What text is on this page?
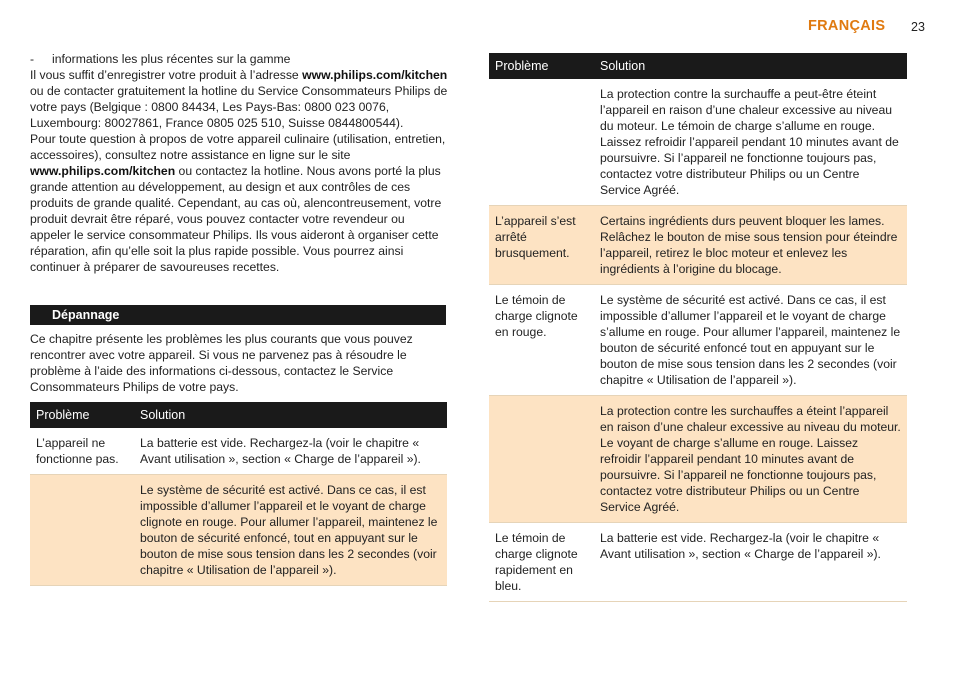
FRANÇAIS 23

- informations les plus récentes sur la gamme

Il vous suffit d’enregistrer votre produit à l’adresse www.philips.com/kitchen ou de contacter gratuitement la hotline du Service Consommateurs Philips de votre pays (Belgique : 0800 84434, Les Pays-Bas: 0800 023 0076, Luxembourg: 80027861, France 0805 025 510, Suisse 0844800544).

Pour toute question à propos de votre appareil culinaire (utilisation, entretien, accessoires), consultez notre assistance en ligne sur le site www.philips.com/kitchen ou contactez la hotline. Nous avons porté la plus grande attention au développement, au design et aux contrôles de ces produits de grande qualité. Cependant, au cas où, alencontreusement, votre produit devrait être réparé, vous pouvez contacter votre revendeur ou appeler le service consommateur Philips. Ils vous aideront à organiser cette réparation, afin qu’elle soit la plus rapide possible. Vous pourrez ainsi continuer à préparer de savoureuses recettes.

Dépannage

Ce chapitre présente les problèmes les plus courants que vous pouvez rencontrer avec votre appareil. Si vous ne parvenez pas à résoudre le problème à l’aide des informations ci-dessous, contactez le Service Consommateurs Philips de votre pays.

Problème	Solution
L’appareil ne fonctionne pas.	La batterie est vide. Rechargez-la (voir le chapitre « Avant utilisation », section « Charge de l’appareil »).
	Le système de sécurité est activé. Dans ce cas, il est impossible d’allumer l’appareil et le voyant de charge clignote en rouge. Pour allumer l’appareil, maintenez le bouton de sécurité enfoncé, tout en appuyant sur le bouton de mise sous tension dans les 2 secondes (voir chapitre « Utilisation de l’appareil »).
Problème	Solution
	La protection contre la surchauffe a peut-être éteint l’appareil en raison d’une chaleur excessive au niveau du moteur. Le témoin de charge s’allume en rouge. Laissez refroidir l’appareil pendant 10 minutes avant de poursuivre. Si l’appareil ne fonctionne toujours pas, contactez votre distributeur Philips ou un Centre Service Agréé.
L’appareil s’est arrêté brusquement.	Certains ingrédients durs peuvent bloquer les lames. Relâchez le bouton de mise sous tension pour éteindre l’appareil, retirez le bloc moteur et enlevez les ingrédients à l’origine du blocage.
Le témoin de charge clignote en rouge.	Le système de sécurité est activé. Dans ce cas, il est impossible d’allumer l’appareil et le voyant de charge s’allume en rouge. Pour allumer l’appareil, maintenez le bouton de sécurité enfoncé tout en appuyant sur le bouton de mise sous tension dans les 2 secondes (voir chapitre « Utilisation de l’appareil »).
	La protection contre les surchauffes a éteint l’appareil en raison d’une chaleur excessive au niveau du moteur. Le voyant de charge s’allume en rouge. Laissez refroidir l’appareil pendant 10 minutes avant de poursuivre. Si l’appareil ne fonctionne toujours pas, contactez votre distributeur Philips ou un Centre Service Agréé.
Le témoin de charge clignote rapidement en bleu.	La batterie est vide. Rechargez-la (voir le chapitre « Avant utilisation », section « Charge de l’appareil »).
